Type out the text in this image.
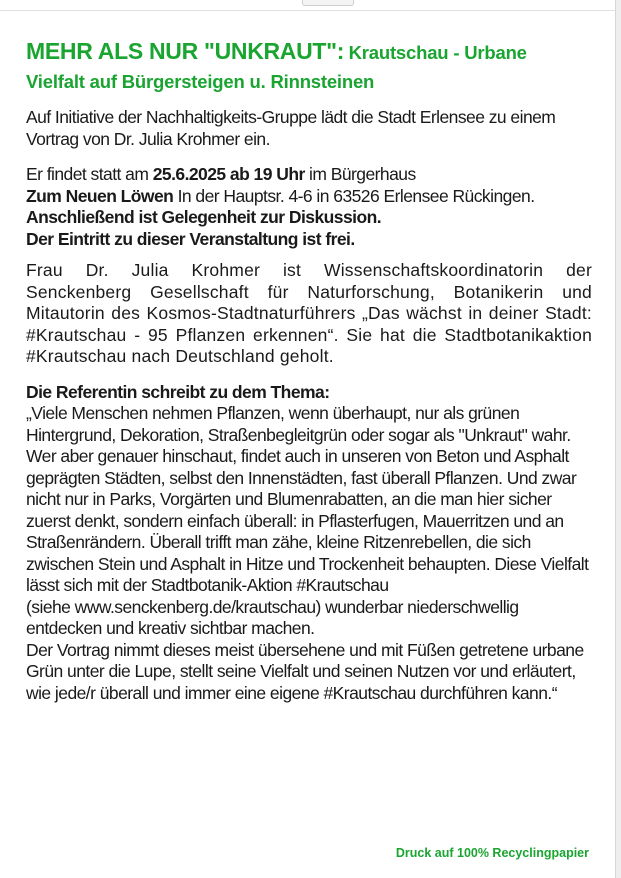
MEHR ALS NUR "UNKRAUT": Krautschau - Urbane
Vielfalt auf Bürgersteigen u. Rinnsteinen

Auf Initiative der Nachhaltigkeits-Gruppe lädt die Stadt Erlensee zu einem Vortrag von Dr. Julia Krohmer ein.

Er findet statt am 25.6.2025 ab 19 Uhr im Bürgerhaus
Zum Neuen Löwen In der Hauptsr. 4-6 in 63526 Erlensee Rückingen.
Anschließend ist Gelegenheit zur Diskussion.
Der Eintritt zu dieser Veranstaltung ist frei.

Frau Dr. Julia Krohmer ist Wissenschaftskoordinatorin der Senckenberg Gesellschaft für Naturforschung, Botanikerin und Mitautorin des Kosmos-Stadtnaturführers „Das wächst in deiner Stadt: #Krautschau - 95 Pflanzen erkennen“. Sie hat die Stadtbotanikaktion #Krautschau nach Deutschland geholt.

Die Referentin schreibt zu dem Thema:
„Viele Menschen nehmen Pflanzen, wenn überhaupt, nur als grünen Hintergrund, Dekoration, Straßenbegleitgrün oder sogar als "Unkraut" wahr. Wer aber genauer hinschaut, findet auch in unseren von Beton und Asphalt geprägten Städten, selbst den Innenstädten, fast überall Pflanzen. Und zwar nicht nur in Parks, Vorgärten und Blumenrabatten, an die man hier sicher zuerst denkt, sondern einfach überall: in Pflasterfugen, Mauerritzen und an Straßenrändern. Überall trifft man zähe, kleine Ritzenrebellen, die sich zwischen Stein und Asphalt in Hitze und Trockenheit behaupten. Diese Vielfalt lässt sich mit der Stadtbotanik-Aktion #Krautschau
(siehe www.senckenberg.de/krautschau) wunderbar niederschwellig entdecken und kreativ sichtbar machen.
Der Vortrag nimmt dieses meist übersehene und mit Füßen getretene urbane Grün unter die Lupe, stellt seine Vielfalt und seinen Nutzen vor und erläutert, wie jede/r überall und immer eine eigene #Krautschau durchführen kann.“

Druck auf 100% Recyclingpapier
